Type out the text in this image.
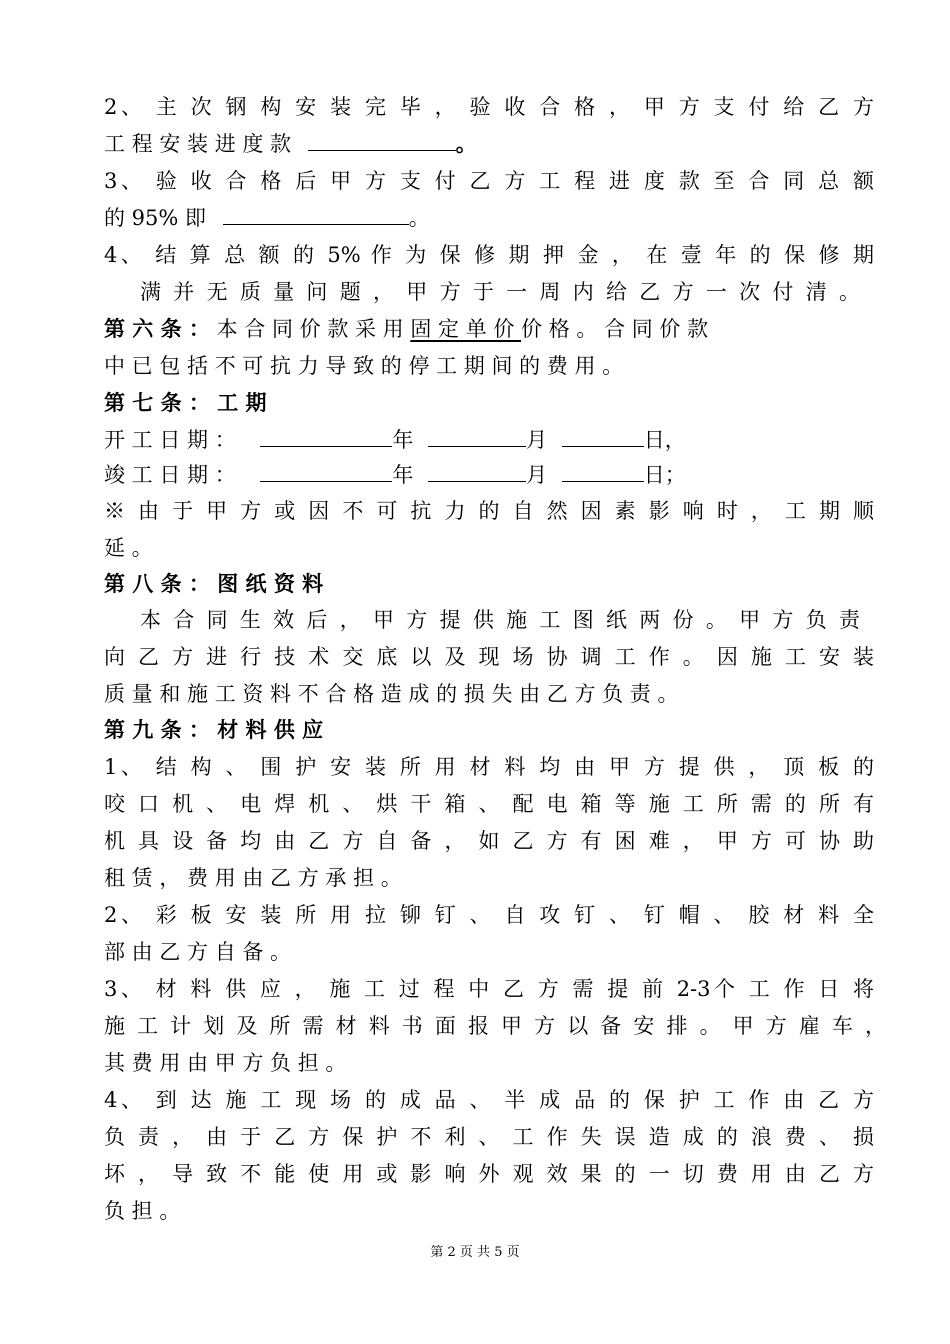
2、 主 次 钢 构 安 装 完 毕 ， 验 收 合 格 ， 甲 方 支 付 给 乙 方
工 程 安 装 进 度 款	。
3、 验 收 合 格 后 甲 方 支 付 乙 方 工 程 进 度 款 至 合 同 总 额
的 95% 即	。
4、 结 算 总 额 的 5% 作 为 保 修 期 押 金 ， 在 壹 年 的 保 修 期
满 并 无 质 量 问 题 ， 甲 方 于 一 周 内 给 乙 方 一 次 付 清 。
第 六 条 ： 本 合 同 价 款 采 用 固 定 单 价 价 格 。 合 同 价 款
中 已 包 括 不 可 抗 力 导 致 的 停 工 期 间 的 费 用 。
第 七 条 ： 工 期
开 工 日 期 ：	年	月	日，
竣 工 日 期 ：	年	月	日；
※ 由 于 甲 方 或 因 不 可 抗 力 的 自 然 因 素 影 响 时 ， 工 期 顺
延 。
第 八 条 ： 图 纸 资 料
本 合 同 生 效 后 ， 甲 方 提 供 施 工 图 纸 两 份 。 甲 方 负 责
向 乙 方 进 行 技 术 交 底 以 及 现 场 协 调 工 作 。 因 施 工 安 装
质 量 和 施 工 资 料 不 合 格 造 成 的 损 失 由 乙 方 负 责 。
第 九 条 ： 材 料 供 应
1、 结 构 、 围 护 安 装 所 用 材 料 均 由 甲 方 提 供 ， 顶 板 的
咬 口 机 、 电 焊 机 、 烘 干 箱 、 配 电 箱 等 施 工 所 需 的 所 有
机 具 设 备 均 由 乙 方 自 备 ， 如 乙 方 有 困 难 ， 甲 方 可 协 助
租 赁 ， 费 用 由 乙 方 承 担 。
2、 彩 板 安 装 所 用 拉 铆 钉 、 自 攻 钉 、 钉 帽 、 胶 材 料 全
部 由 乙 方 自 备 。
3、 材 料 供 应 ， 施 工 过 程 中 乙 方 需 提 前 2-3个 工 作 日 将
施 工 计 划 及 所 需 材 料 书 面 报 甲 方 以 备 安 排 。 甲 方 雇 车 ，
其 费 用 由 甲 方 负 担 。
4、 到 达 施 工 现 场 的 成 品 、 半 成 品 的 保 护 工 作 由 乙 方
负 责 ， 由 于 乙 方 保 护 不 利 、 工 作 失 误 造 成 的 浪 费 、 损
坏 ， 导 致 不 能 使 用 或 影 响 外 观 效 果 的 一 切 费 用 由 乙 方
负 担 。
第 2 页 共 5 页
